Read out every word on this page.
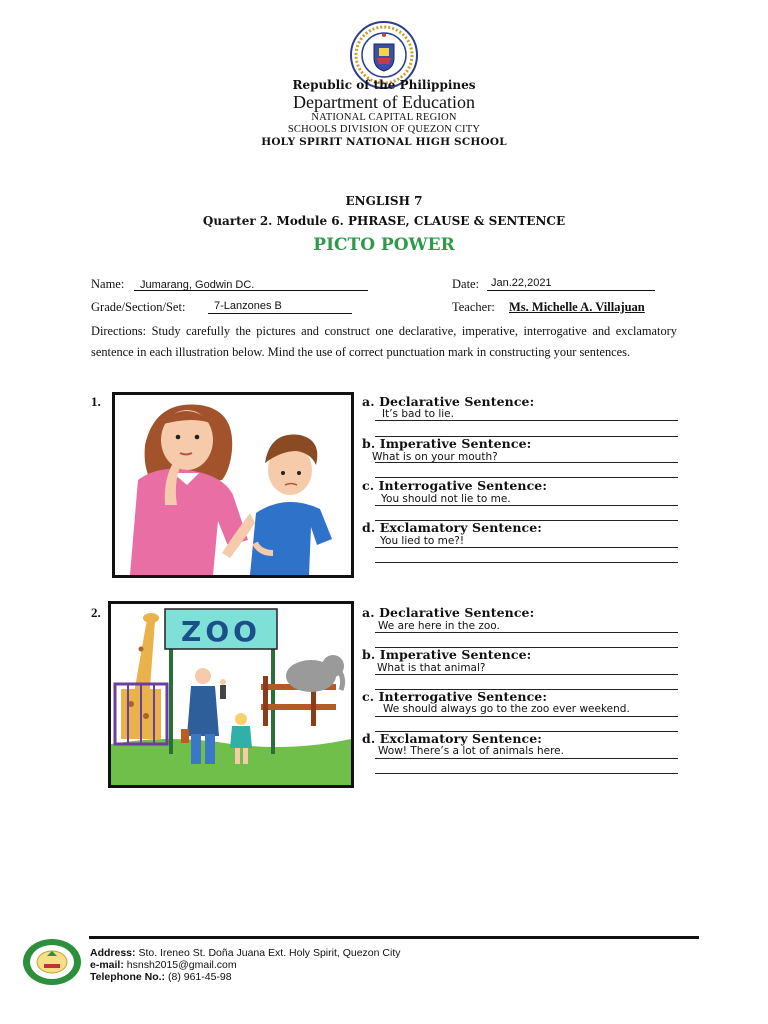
Republic of the Philippines
Department of Education
NATIONAL CAPITAL REGION
SCHOOLS DIVISION OF QUEZON CITY
HOLY SPIRIT NATIONAL HIGH SCHOOL
ENGLISH 7
Quarter 2. Module 6. PHRASE, CLAUSE & SENTENCE
PICTO POWER
Name: Jumarang, Godwin DC.	Date: Jan.22,2021
Grade/Section/Set:	7-Lanzones B	Teacher: Ms. Michelle A. Villajuan
Directions: Study carefully the pictures and construct one declarative, imperative, interrogative and exclamatory sentence in each illustration below. Mind the use of correct punctuation mark in constructing your sentences.
1.	a. Declarative Sentence:
It’s bad to lie.
b. Imperative Sentence:
What is on your mouth?
c. Interrogative Sentence:
You should not lie to me.
d. Exclamatory Sentence:
You lied to me?!
2.
ZOO
a. Declarative Sentence:
We are here in the zoo.
b. Imperative Sentence:
What is that animal?
c. Interrogative Sentence:
We should always go to the zoo ever weekend.
d. Exclamatory Sentence:
Wow! There’s a lot of animals here.
Address: Sto. Ireneo St. Doña Juana Ext. Holy Spirit, Quezon City
e-mail: hsnsh2015@gmail.com
Telephone No.: (8) 961-45-98
